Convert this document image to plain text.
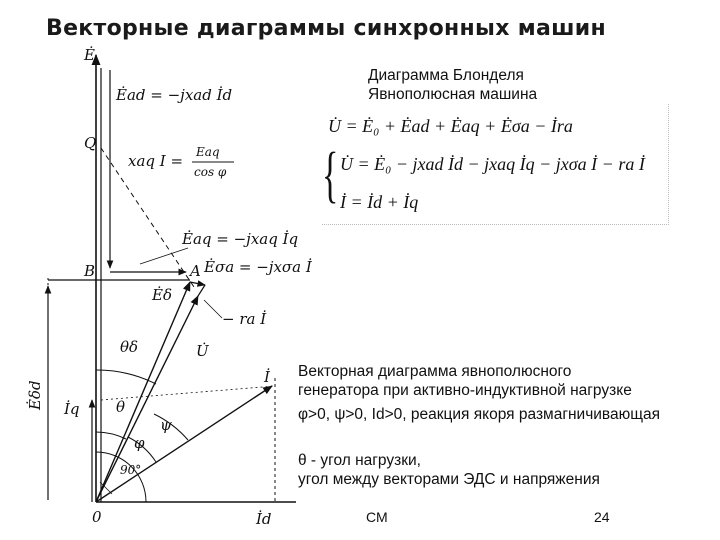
Векторные диаграммы синхронных машин
Диаграмма Блонделя
Явнополюсная машина
U̇ = Ė₀ + Ėad + Ėaq + Ėσa − İra
{ U̇ = Ė₀ − jxad İd − jxaq İq − jxσa İ − ra İ
İ = İd + İq
Векторная диаграмма явнополюсного
генератора при активно-индуктивной нагрузке
φ>0, ψ>0, Id>0, реакция якоря размагничивающая
θ - угол нагрузки,
угол между векторами ЭДС и напряжения
СМ	24
Ė
Ėad = −jxad İd
Q
xaq I = Eaq
cos φ
Ėaq = −jxaq İq
B	A Ėσa = −jxσa İ
Ėδ
− ra İ
θδ	U̇
İ
Ėδd İq θ
ψ
φ
90°
0	İd
